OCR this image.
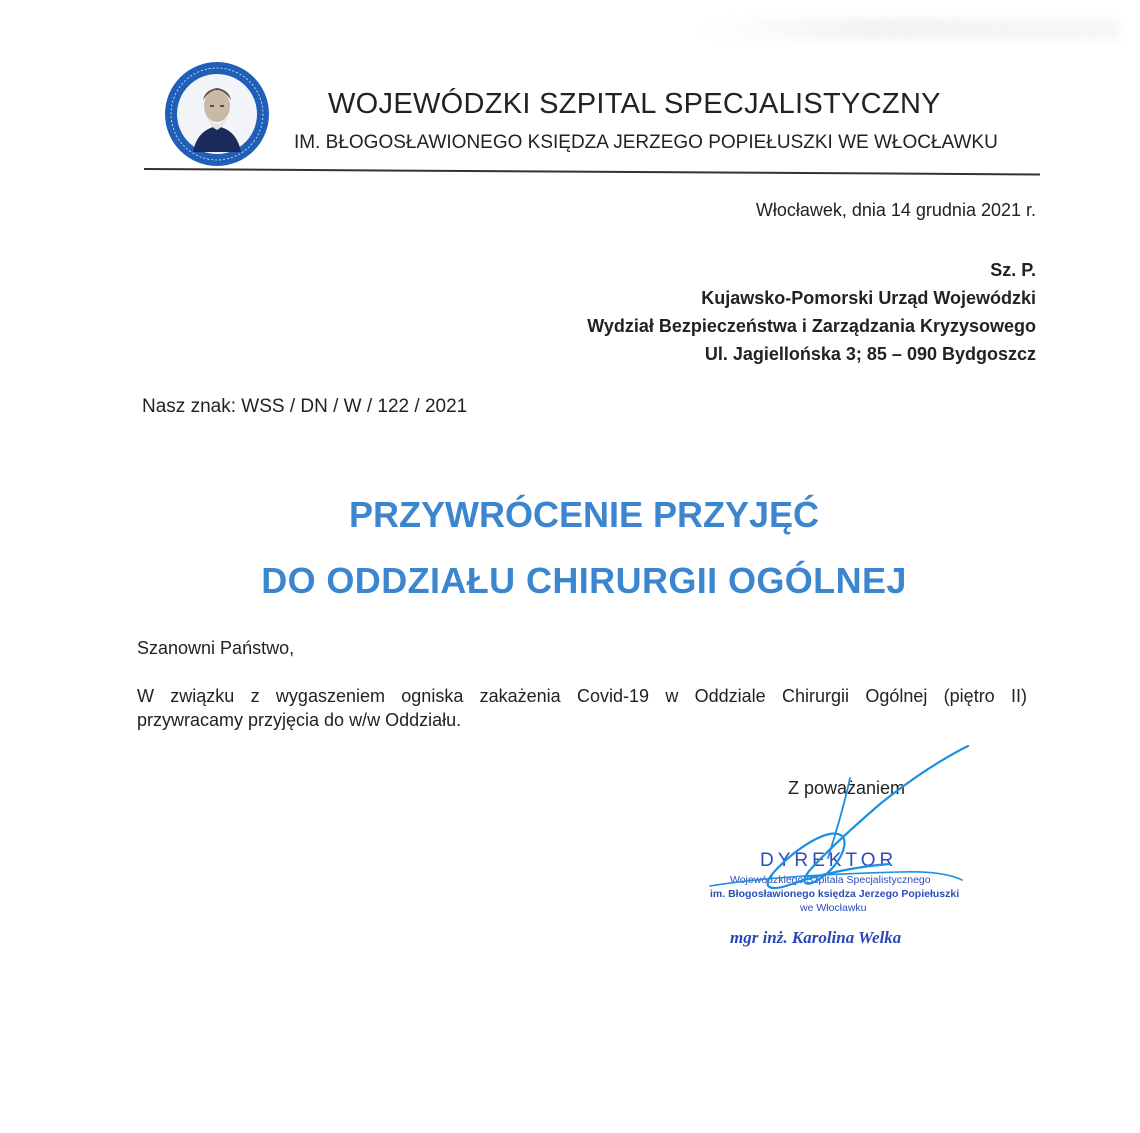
WOJEWÓDZKI SZPITAL SPECJALISTYCZNY
IM. BŁOGOSŁAWIONEGO KSIĘDZA JERZEGO POPIEŁUSZKI WE WŁOCŁAWKU
Włocławek, dnia 14 grudnia 2021 r.
Sz. P.
Kujawsko-Pomorski Urząd Wojewódzki
Wydział Bezpieczeństwa i Zarządzania Kryzysowego
Ul. Jagiellońska 3; 85 – 090 Bydgoszcz
Nasz znak: WSS / DN / W / 122 / 2021
PRZYWRÓCENIE PRZYJĘĆ
DO ODDZIAŁU CHIRURGII OGÓLNEJ
Szanowni Państwo,
W związku z wygaszeniem ogniska zakażenia Covid-19 w Oddziale Chirurgii Ogólnej (piętro II)
przywracamy przyjęcia do w/w Oddziału.
Z poważaniem
DYREKTOR
Wojewódzkiego Szpitala Specjalistycznego
im. Błogosławionego księdza Jerzego Popiełuszki
we Włocławku
mgr inż. Karolina Welka
